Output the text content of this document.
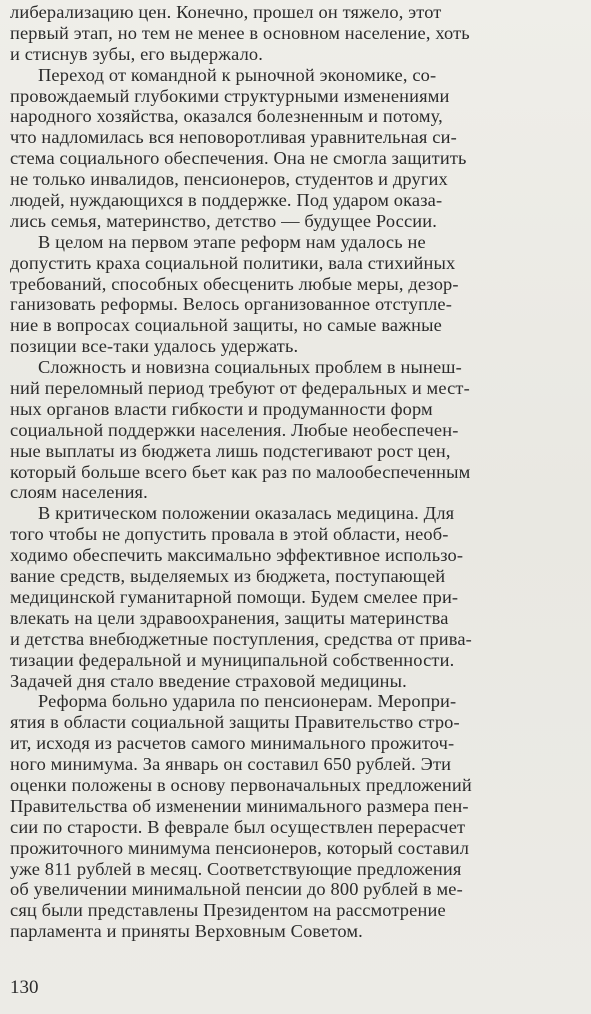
либерализацию цен. Конечно, прошел он тяжело, этот
первый этап, но тем не менее в основном население, хоть
и стиснув зубы, его выдержало.
Переход от командной к рыночной экономике, со-
провождаемый глубокими структурными изменениями
народного хозяйства, оказался болезненным и потому,
что надломилась вся неповоротливая уравнительная си-
стема социального обеспечения. Она не смогла защитить
не только инвалидов, пенсионеров, студентов и других
людей, нуждающихся в поддержке. Под ударом оказа-
лись семья, материнство, детство — будущее России.
В целом на первом этапе реформ нам удалось не
допустить краха социальной политики, вала стихийных
требований, способных обесценить любые меры, дезор-
ганизовать реформы. Велось организованное отступле-
ние в вопросах социальной защиты, но самые важные
позиции все-таки удалось удержать.
Сложность и новизна социальных проблем в нынеш-
ний переломный период требуют от федеральных и мест-
ных органов власти гибкости и продуманности форм
социальной поддержки населения. Любые необеспечен-
ные выплаты из бюджета лишь подстегивают рост цен,
который больше всего бьет как раз по малообеспеченным
слоям населения.
В критическом положении оказалась медицина. Для
того чтобы не допустить провала в этой области, необ-
ходимо обеспечить максимально эффективное использо-
вание средств, выделяемых из бюджета, поступающей
медицинской гуманитарной помощи. Будем смелее при-
влекать на цели здравоохранения, защиты материнства
и детства внебюджетные поступления, средства от прива-
тизации федеральной и муниципальной собственности.
Задачей дня стало введение страховой медицины.
Реформа больно ударила по пенсионерам. Меропри-
ятия в области социальной защиты Правительство стро-
ит, исходя из расчетов самого минимального прожиточ-
ного минимума. За январь он составил 650 рублей. Эти
оценки положены в основу первоначальных предложений
Правительства об изменении минимального размера пен-
сии по старости. В феврале был осуществлен перерасчет
прожиточного минимума пенсионеров, который составил
уже 811 рублей в месяц. Соответствующие предложения
об увеличении минимальной пенсии до 800 рублей в ме-
сяц были представлены Президентом на рассмотрение
парламента и приняты Верховным Советом.
130
